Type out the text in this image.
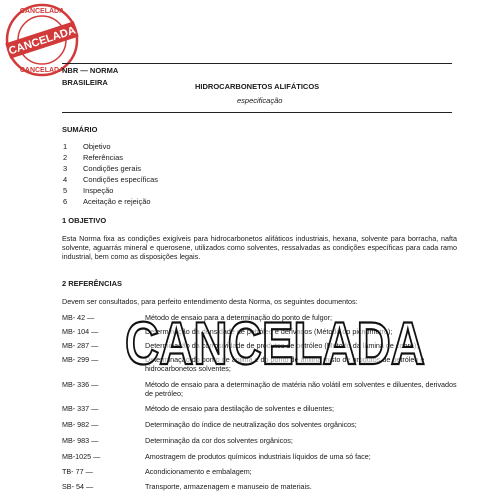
CANCELADA
CANCELADA
CANCELADA
NBR — NORMA
BRASILEIRA	HIDROCARBONETOS ALIFÁTICOS
especificação
SUMÁRIO
1 Objetivo
2 Referências
3 Condições gerais
4 Condições específicas
5 Inspeção
6 Aceitação e rejeição
1 OBJETIVO
Esta Norma fixa as condições exigíveis para hidrocarbonetos alifáticos industriais, hexana, solvente para borracha, nafta solvente, aguarrás mineral e querosene, utilizados como solventes, ressalvadas as condições específicas para cada ramo industrial, bem como as disposições legais.
2 REFERÊNCIAS
Devem ser consultados, para perfeito entendimento desta Norma, os seguintes documentos:
MB- 42 —	Método de ensaio para a determinação do ponto de fulgor;
MB- 104 —	Determinação da densidade de petróleo e derivados (Método do picnômetro);
MB- 287 —	Determinação da corrosividade de produtos de petróleo (Método da lâmina de cobre);
MB- 299 —	Determinação do ponto de anilina e do ponto de anilina misto de produtos de petróleo e hidrocarbonetos solventes;
MB- 336 —	Método de ensaio para a determinação de matéria não volátil em solventes e diluentes, derivados de petróleo;
MB- 337 —	Método de ensaio para destilação de solventes e diluentes;
MB- 982 —	Determinação do índice de neutralização dos solventes orgânicos;
MB- 983 —	Determinação da cor dos solventes orgânicos;
MB-1025 —	Amostragem de produtos químicos industriais líquidos de uma só face;
TB- 77 —	Acondicionamento e embalagem;
SB- 54 —	Transporte, armazenagem e manuseio de materiais.
CANCELADA
